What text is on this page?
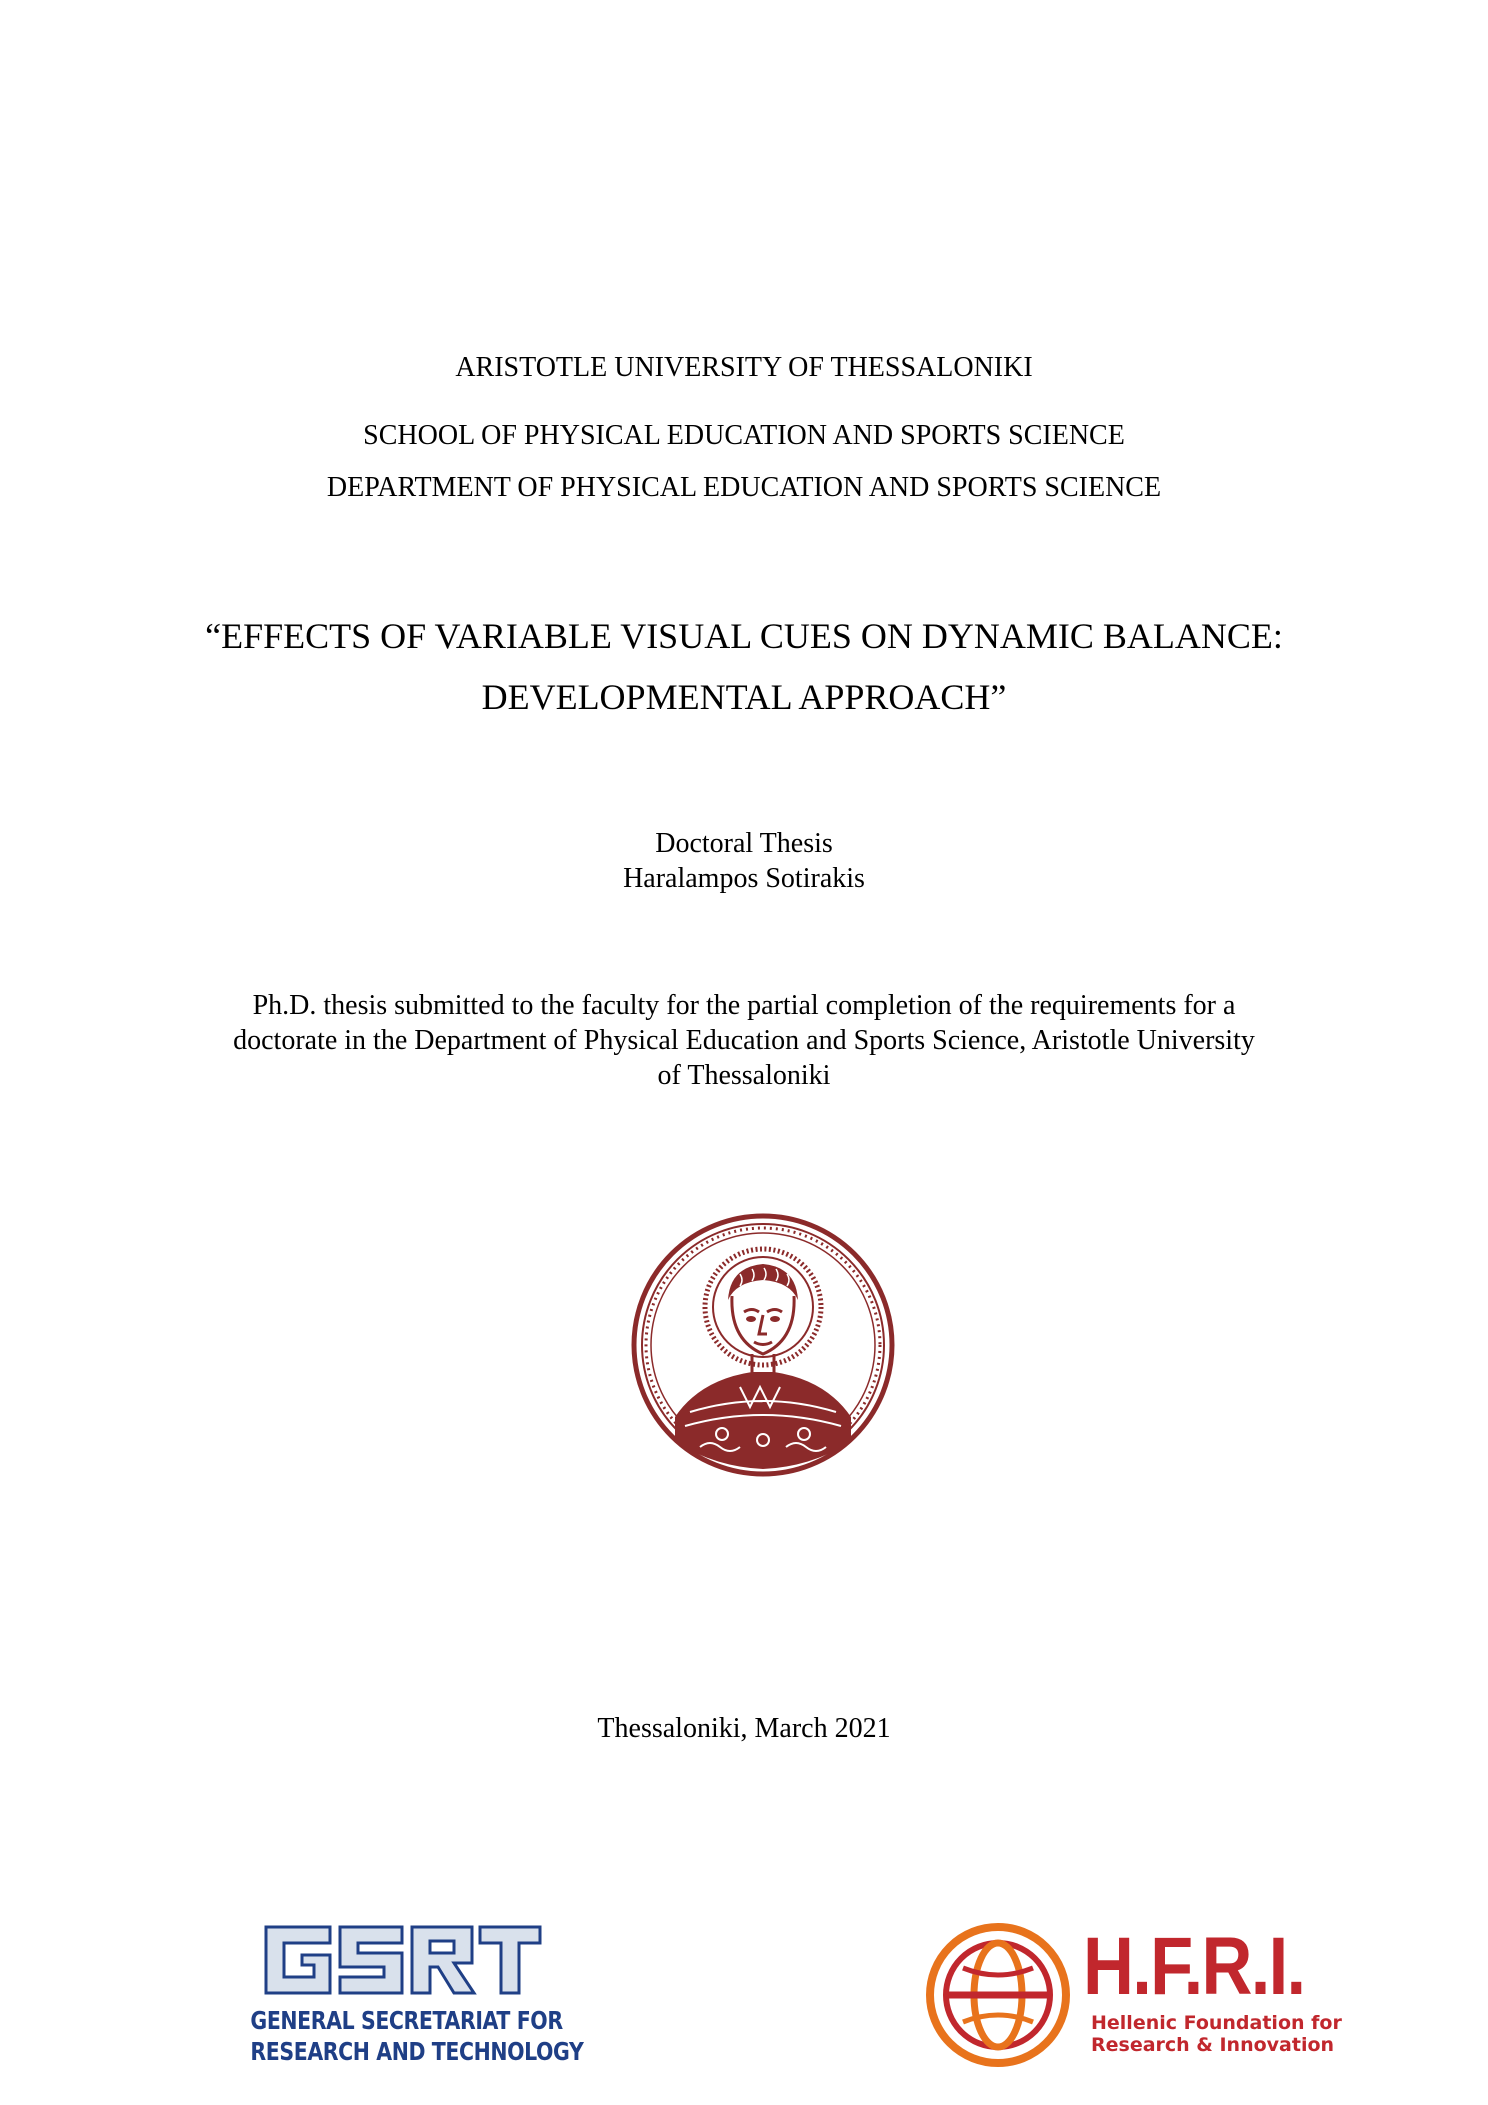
ARISTOTLE UNIVERSITY OF THESSALONIKI
SCHOOL OF PHYSICAL EDUCATION AND SPORTS SCIENCE
DEPARTMENT OF PHYSICAL EDUCATION AND SPORTS SCIENCE
“EFFECTS OF VARIABLE VISUAL CUES ON DYNAMIC BALANCE:
DEVELOPMENTAL APPROACH”
Doctoral Thesis
Haralampos Sotirakis
Ph.D. thesis submitted to the faculty for the partial completion of the requirements for a
doctorate in the Department of Physical Education and Sports Science, Aristotle University
of Thessaloniki
Thessaloniki, March 2021
GENERAL SECRETARIAT FOR
RESEARCH AND TECHNOLOGY
H.F.R.I.
Hellenic Foundation for
Research & Innovation
